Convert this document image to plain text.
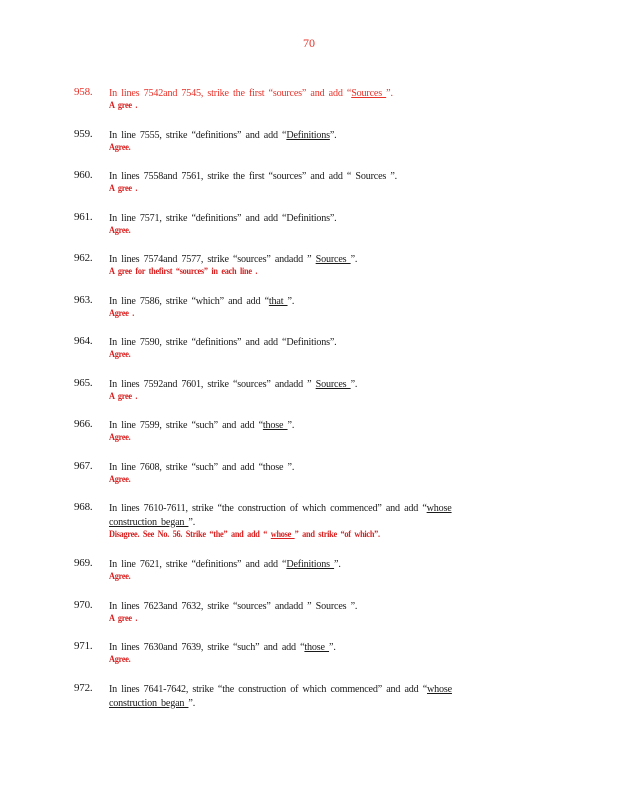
70
958. In lines 7542and 7545, strike the first “sources” and add “Sources ”.
A gree .
959. In line 7555, strike “definitions” and add “Definitions”.
Agree.
960. In lines 7558and 7561, strike the first “sources” and add “ Sources ”.
A gree .
961. In line 7571, strike “definitions” and add “Definitions”.
Agree.
962. In lines 7574and 7577, strike “sources” andadd ” Sources ”.
A gree for thefirst “sources” in each line .
963. In line 7586, strike “which” and add “that ”.
Agree .
964. In line 7590, strike “definitions” and add “Definitions”.
Agree.
965. In lines 7592and 7601, strike “sources” andadd ” Sources ”.
A gree .
966. In line 7599, strike “such” and add “those ”.
Agree.
967. In line 7608, strike “such” and add “those ”.
Agree.
968. In lines 7610-7611, strike “the construction of which commenced” and add “whose
construction began ”.
Disagree. See No. 56. Strike “the” and add “ whose ” and strike “of which”.
969. In line 7621, strike “definitions” and add “Definitions ”.
Agree.
970. In lines 7623and 7632, strike “sources” andadd ” Sources ”.
A gree .
971. In lines 7630and 7639, strike “such” and add “those ”.
Agree.
972. In lines 7641-7642, strike “the construction of which commenced” and add “whose
construction began ”.
